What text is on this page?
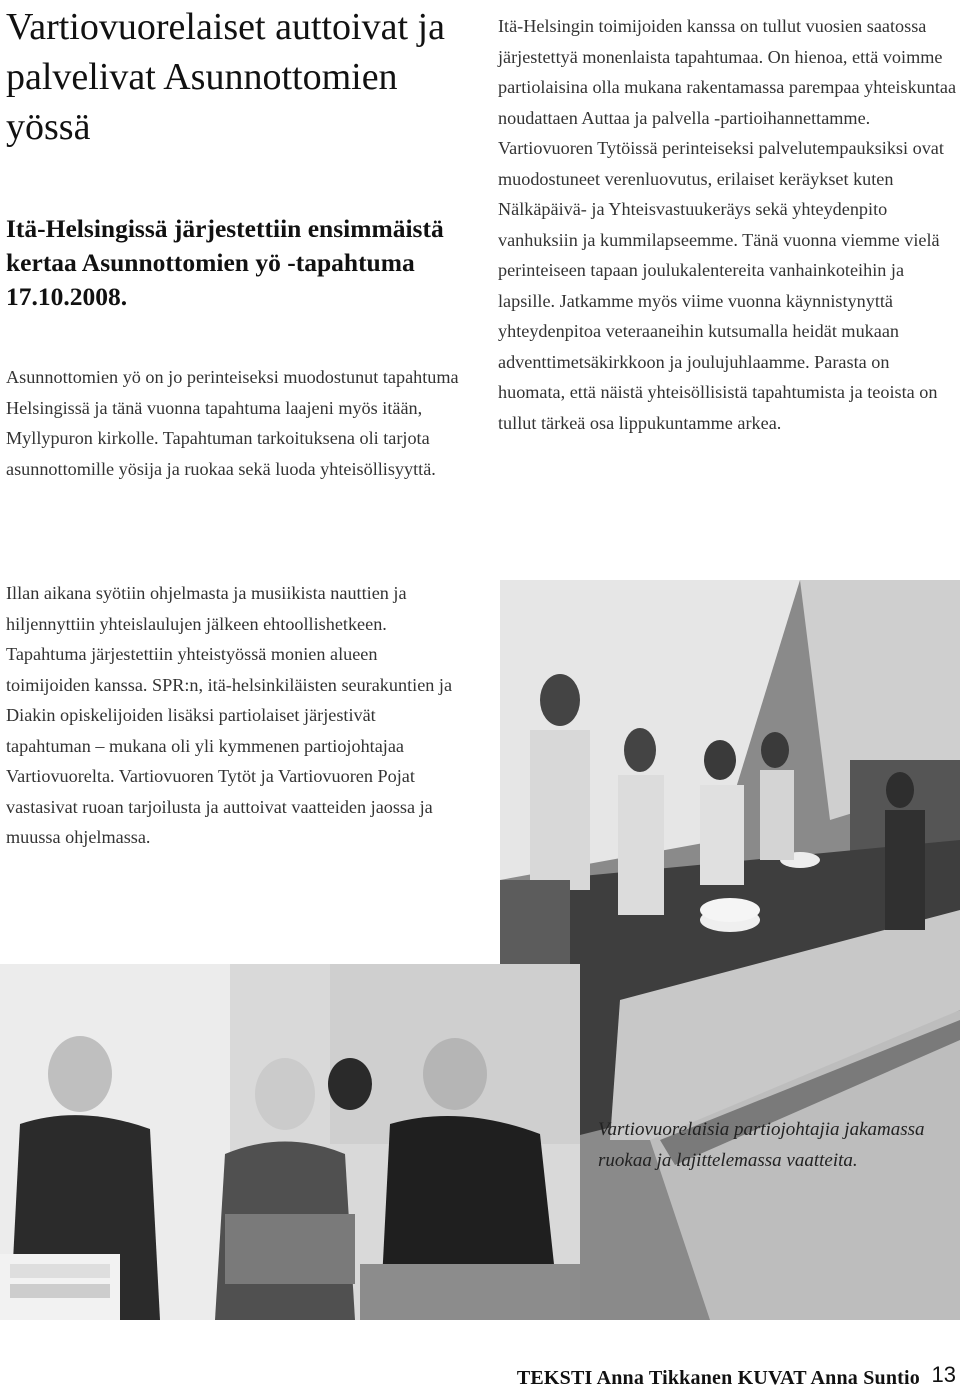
Vartiovuorelaiset auttoivat ja palvelivat Asunnottomien yössä
Itä-Helsingissä järjestettiin ensimmäistä kertaa Asunnottomien yö -tapahtuma 17.10.2008.

Asunnottomien yö on jo perinteiseksi muodostunut tapahtuma Helsingissä ja tänä vuonna tapahtuma laajeni myös itään, Myllypuron kirkolle. Tapahtuman tarkoituksena oli tarjota asunnottomille yösija ja ruokaa sekä luoda yhteisöllisyyttä.

Illan aikana syötiin ohjelmasta ja musiikista nauttien ja hiljennyttiin yhteislaulujen jälkeen ehtoollishetkeen. Tapahtuma järjestettiin yhteistyössä monien alueen toimijoiden kanssa. SPR:n, itä-helsinkiläisten seurakuntien ja Diakin opiskelijoiden lisäksi partiolaiset järjestivät tapahtuman – mukana oli yli kymmenen partiojohtajaa Vartiovuorelta. Vartiovuoren Tytöt ja Vartiovuoren Pojat vastasivat ruoan tarjoilusta ja auttoivat vaatteiden jaossa ja muussa ohjelmassa.

Itä-Helsingin toimijoiden kanssa on tullut vuosien saatossa järjestettyä monenlaista tapahtumaa. On hienoa, että voimme partiolaisina olla mukana rakentamassa parempaa yhteiskuntaa noudattaen Auttaa ja palvella -partioihannettamme. Vartiovuoren Tytöissä perinteiseksi palvelutempauksiksi ovat muodostuneet verenluovutus, erilaiset keräykset kuten Nälkäpäivä- ja Yhteisvastuukeräys sekä yhteydenpito vanhuksiin ja kummilapseemme. Tänä vuonna viemme vielä perinteiseen tapaan joulukalentereita vanhainkoteihin ja lapsille. Jatkamme myös viime vuonna käynnistynyttä yhteydenpitoa veteraaneihin kutsumalla heidät mukaan adventtimetsäkirkkoon ja joulujuhlaamme. Parasta on huomata, että näistä yhteisöllisistä tapahtumista ja teoista on tullut tärkeä osa lippukuntamme arkea.

Vartiovuorelaisia partiojohtajia jakamassa ruokaa ja lajittelemassa vaatteita.

TEKSTI Anna Tikkanen KUVAT Anna Suntio 13
